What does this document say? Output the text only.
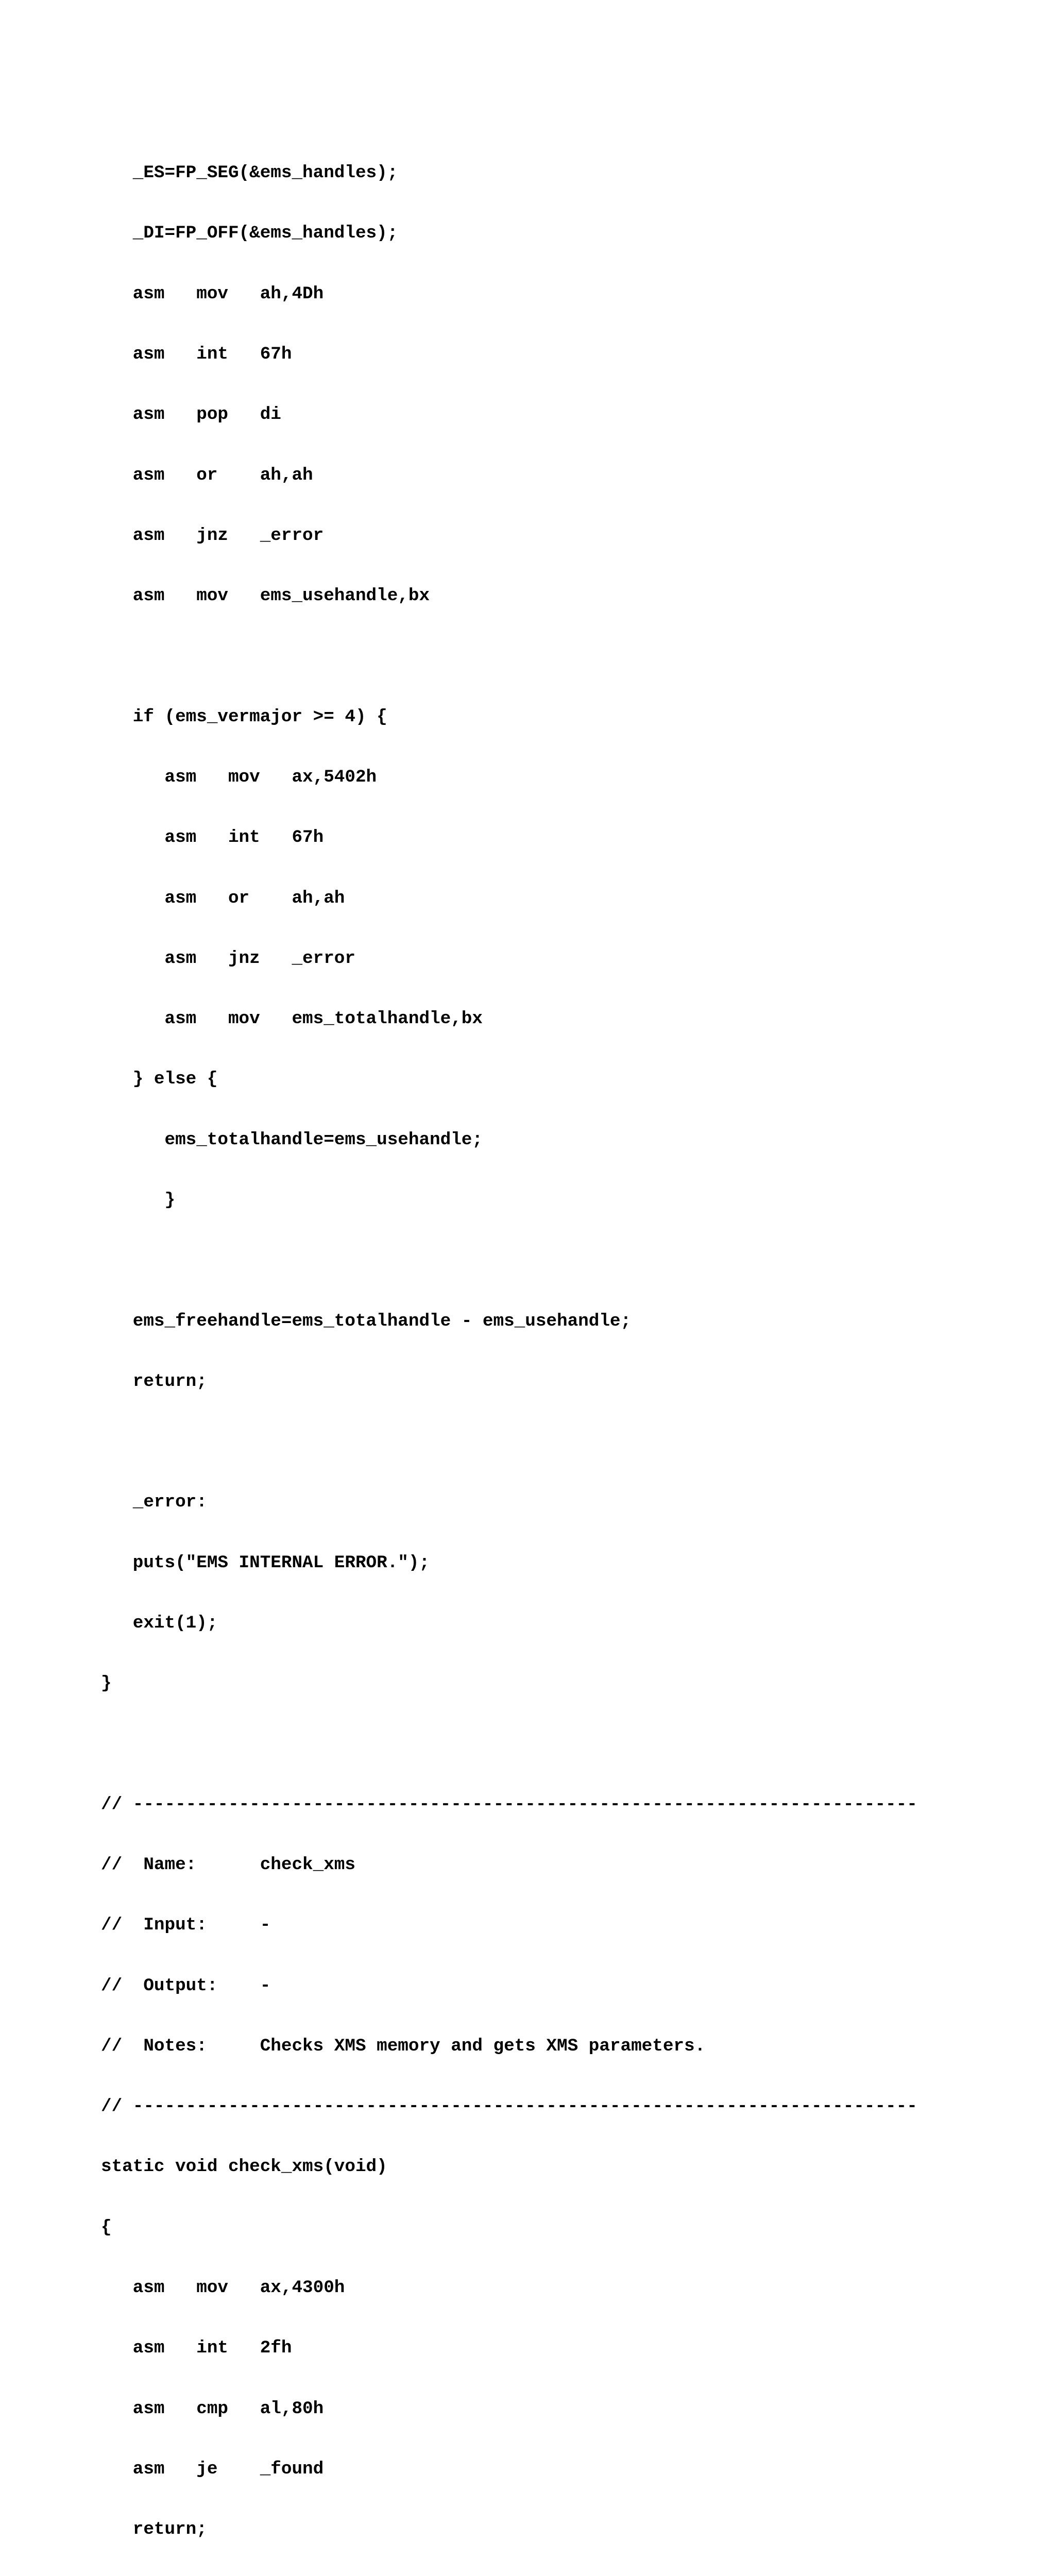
_ES=FP_SEG(&ems_handles);

_DI=FP_OFF(&ems_handles);

asm   mov   ah,4Dh

asm   int   67h

asm   pop   di

asm   or    ah,ah

asm   jnz   _error

asm   mov   ems_usehandle,bx

if (ems_vermajor >= 4) {

asm   mov   ax,5402h

asm   int   67h

asm   or    ah,ah

asm   jnz   _error

asm   mov   ems_totalhandle,bx

} else {

ems_totalhandle=ems_usehandle;

}

ems_freehandle=ems_totalhandle - ems_usehandle;

return;

_error:

puts("EMS INTERNAL ERROR.");

exit(1);

}

// --------------------------------------------------------------------------

//  Name:      check_xms

//  Input:     -

//  Output:    -

//  Notes:     Checks XMS memory and gets XMS parameters.

// --------------------------------------------------------------------------

static void check_xms(void)

{

asm   mov   ax,4300h

asm   int   2fh

asm   cmp   al,80h

asm   je    _found

return;
